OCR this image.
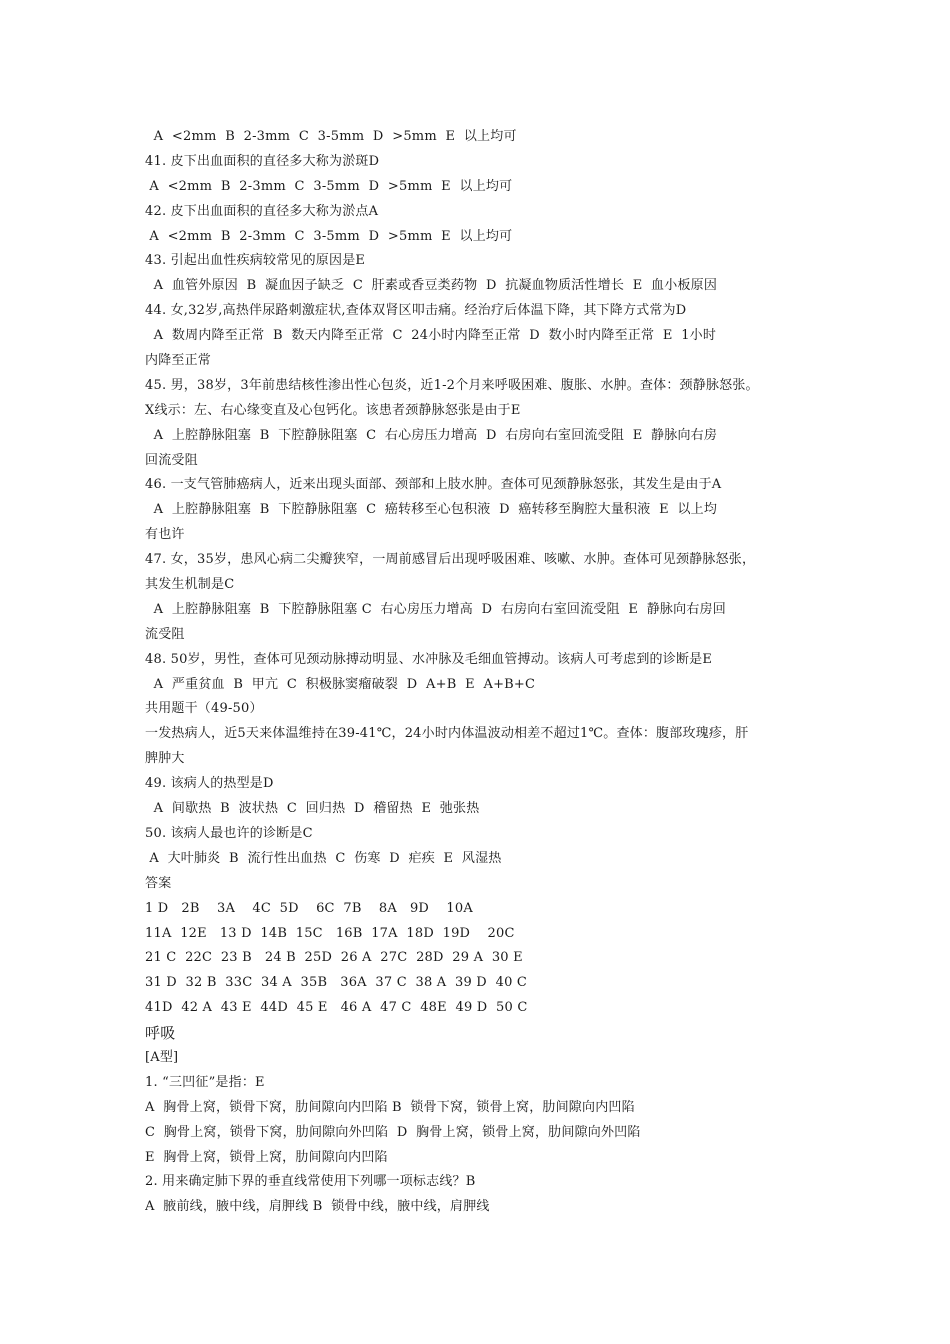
A  <2mm  B  2-3mm  C  3-5mm  D  >5mm  E  以上均可
41. 皮下出血面积的直径多大称为淤斑D
A  <2mm  B  2-3mm  C  3-5mm  D  >5mm  E  以上均可
42. 皮下出血面积的直径多大称为淤点A
A  <2mm  B  2-3mm  C  3-5mm  D  >5mm  E  以上均可
43. 引起出血性疾病较常见的原因是E
A  血管外原因  B  凝血因子缺乏  C  肝素或香豆类药物  D  抗凝血物质活性增长  E  血小板原因
44. 女,32岁,高热伴尿路刺激症状,查体双肾区叩击痛。经治疗后体温下降，其下降方式常为D
A  数周内降至正常  B  数天内降至正常  C  24小时内降至正常  D  数小时内降至正常  E  1小时
内降至正常
45. 男，38岁，3年前患结核性渗出性心包炎，近1-2个月来呼吸困难、腹胀、水肿。查体：颈静脉怒张。
X线示：左、右心缘变直及心包钙化。该患者颈静脉怒张是由于E
A  上腔静脉阻塞  B  下腔静脉阻塞  C  右心房压力增高  D  右房向右室回流受阻  E  静脉向右房
回流受阻
46. 一支气管肺癌病人，近来出现头面部、颈部和上肢水肿。查体可见颈静脉怒张，其发生是由于A
A  上腔静脉阻塞  B  下腔静脉阻塞  C  癌转移至心包积液  D  癌转移至胸腔大量积液  E  以上均
有也许
47. 女，35岁，患风心病二尖瓣狭窄，一周前感冒后出现呼吸困难、咳嗽、水肿。查体可见颈静脉怒张，
其发生机制是C
A  上腔静脉阻塞  B  下腔静脉阻塞 C  右心房压力增高  D  右房向右室回流受阻  E  静脉向右房回
流受阻
48. 50岁，男性，查体可见颈动脉搏动明显、水冲脉及毛细血管搏动。该病人可考虑到的诊断是E
A  严重贫血  B  甲亢  C  积极脉窦瘤破裂  D  A+B  E  A+B+C
共用题干（49-50）
一发热病人，近5天来体温维持在39-41℃，24小时内体温波动相差不超过1℃。查体：腹部玫瑰疹，肝
脾肿大
49. 该病人的热型是D
A  间歇热  B  波状热  C  回归热  D  稽留热  E  弛张热
50. 该病人最也许的诊断是C
A  大叶肺炎  B  流行性出血热  C  伤寒  D  疟疾  E  风湿热
答案
1 D   2B    3A    4C  5D    6C  7B    8A   9D    10A
11A  12E   13 D  14B  15C   16B  17A  18D  19D    20C
21 C  22C  23 B   24 B  25D  26 A  27C  28D  29 A  30 E
31 D  32 B  33C  34 A  35B   36A  37 C  38 A  39 D  40 C
41D  42 A  43 E  44D  45 E   46 A  47 C  48E  49 D  50 C
呼吸
[A型]
1. “三凹征”是指：E
A  胸骨上窝，锁骨下窝，肋间隙向内凹陷 B  锁骨下窝，锁骨上窝，肋间隙向内凹陷
C  胸骨上窝，锁骨下窝，肋间隙向外凹陷  D  胸骨上窝，锁骨上窝，肋间隙向外凹陷
E  胸骨上窝，锁骨上窝，肋间隙向内凹陷
2. 用来确定肺下界的垂直线常使用下列哪一项标志线？B
A  腋前线，腋中线，肩胛线 B  锁骨中线，腋中线，肩胛线
